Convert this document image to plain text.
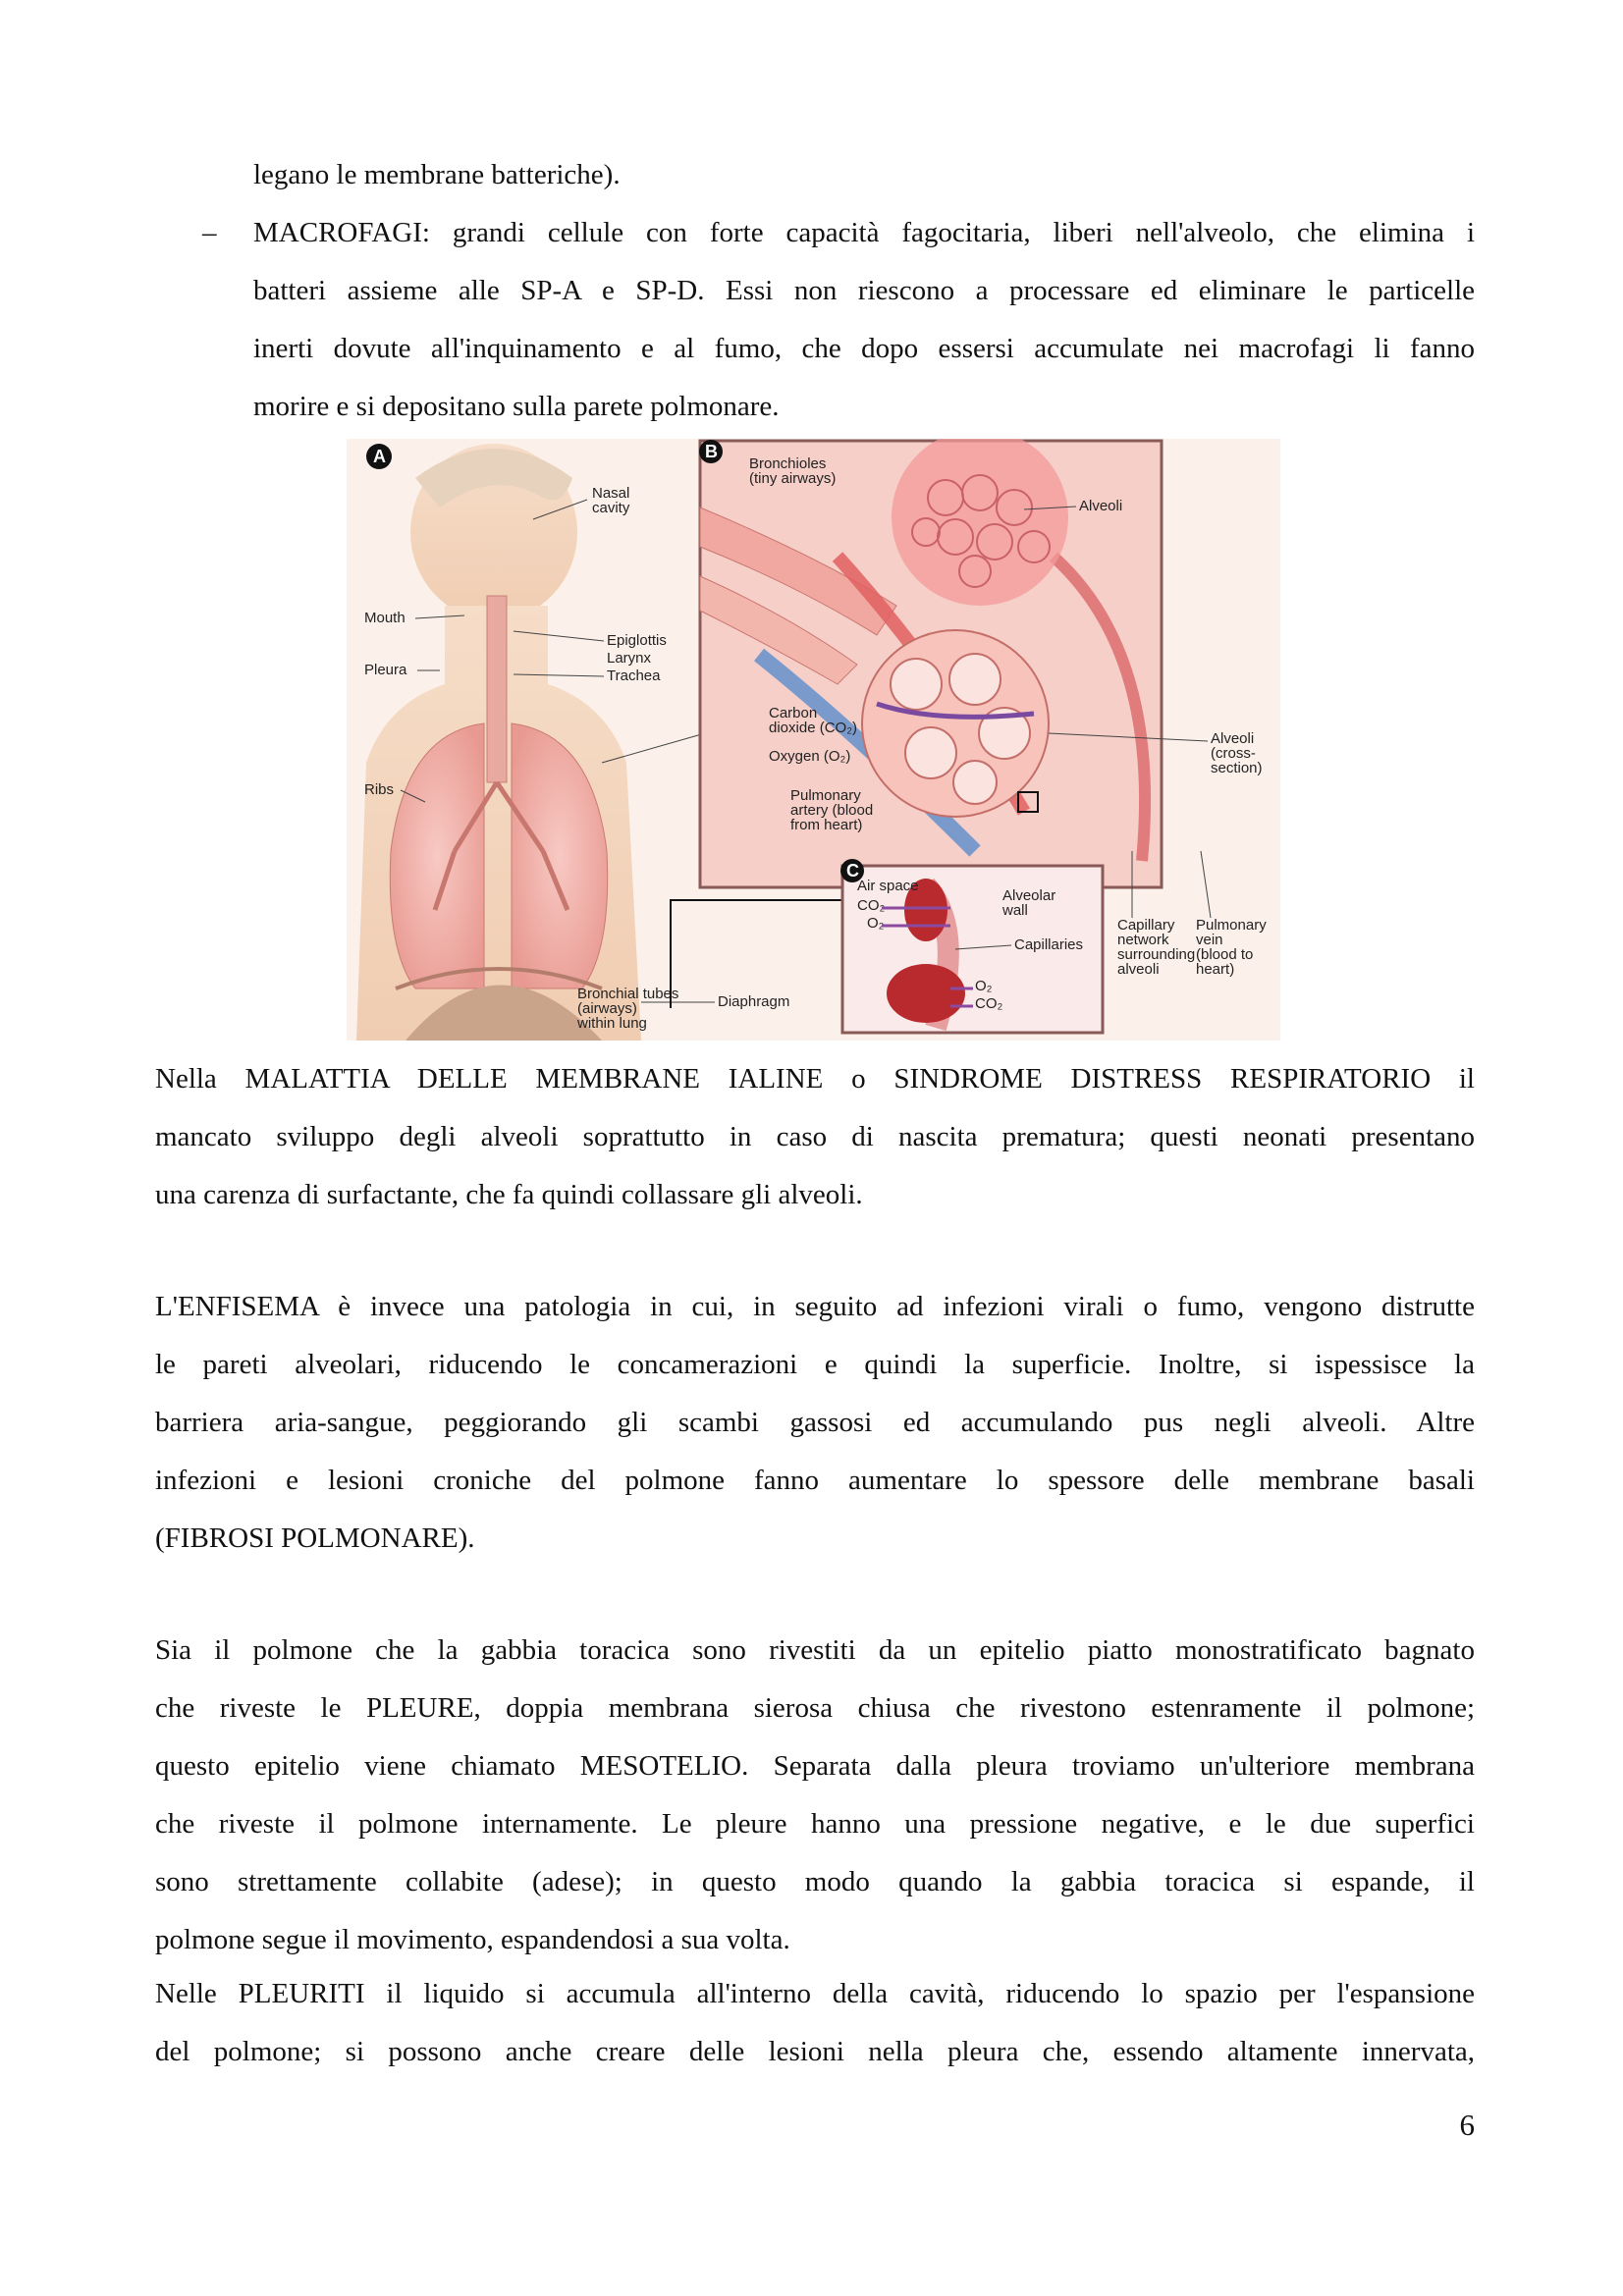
legano le membrane batteriche).
– MACROFAGI: grandi cellule con forte capacità fagocitaria, liberi nell'alveolo, che elimina i
batteri assieme alle SP-A e SP-D. Essi non riescono a processare ed eliminare le particelle
inerti dovute all'inquinamento e al fumo, che dopo essersi accumulate nei macrofagi li fanno
morire e si depositano sulla parete polmonare.
A
Nasal
cavity
Mouth
Pleura
Ribs
Epiglottis
Larynx
Trachea
Bronchial tubes
(airways)
within lung
Diaphragm
B
Bronchioles
(tiny airways)
Alveoli
Carbon
dioxide (CO₂)
Oxygen (O₂)
Pulmonary
artery (blood
from heart)
Alveoli
(cross-
section)
C
Air space
CO₂
O₂
Alveolar
wall
Capillaries
O₂
CO₂
Capillary
network
surrounding
alveoli
Pulmonary
vein
(blood to
heart)
Nella MALATTIA DELLE MEMBRANE IALINE o SINDROME DISTRESS RESPIRATORIO il
mancato sviluppo degli alveoli soprattutto in caso di nascita prematura; questi neonati presentano
una carenza di surfactante, che fa quindi collassare gli alveoli.
L'ENFISEMA è invece una patologia in cui, in seguito ad infezioni virali o fumo, vengono distrutte
le pareti alveolari, riducendo le concamerazioni e quindi la superficie. Inoltre, si ispessisce la
barriera aria-sangue, peggiorando gli scambi gassosi ed accumulando pus negli alveoli. Altre
infezioni e lesioni croniche del polmone fanno aumentare lo spessore delle membrane basali
(FIBROSI POLMONARE).
Sia il polmone che la gabbia toracica sono rivestiti da un epitelio piatto monostratificato bagnato
che riveste le PLEURE, doppia membrana sierosa chiusa che rivestono estenramente il polmone;
questo epitelio viene chiamato MESOTELIO. Separata dalla pleura troviamo un'ulteriore membrana
che riveste il polmone internamente. Le pleure hanno una pressione negative, e le due superfici
sono strettamente collabite (adese); in questo modo quando la gabbia toracica si espande, il
polmone segue il movimento, espandendosi a sua volta.
Nelle PLEURITI il liquido si accumula all'interno della cavità, riducendo lo spazio per l'espansione
del polmone; si possono anche creare delle lesioni nella pleura che, essendo altamente innervata,
6
